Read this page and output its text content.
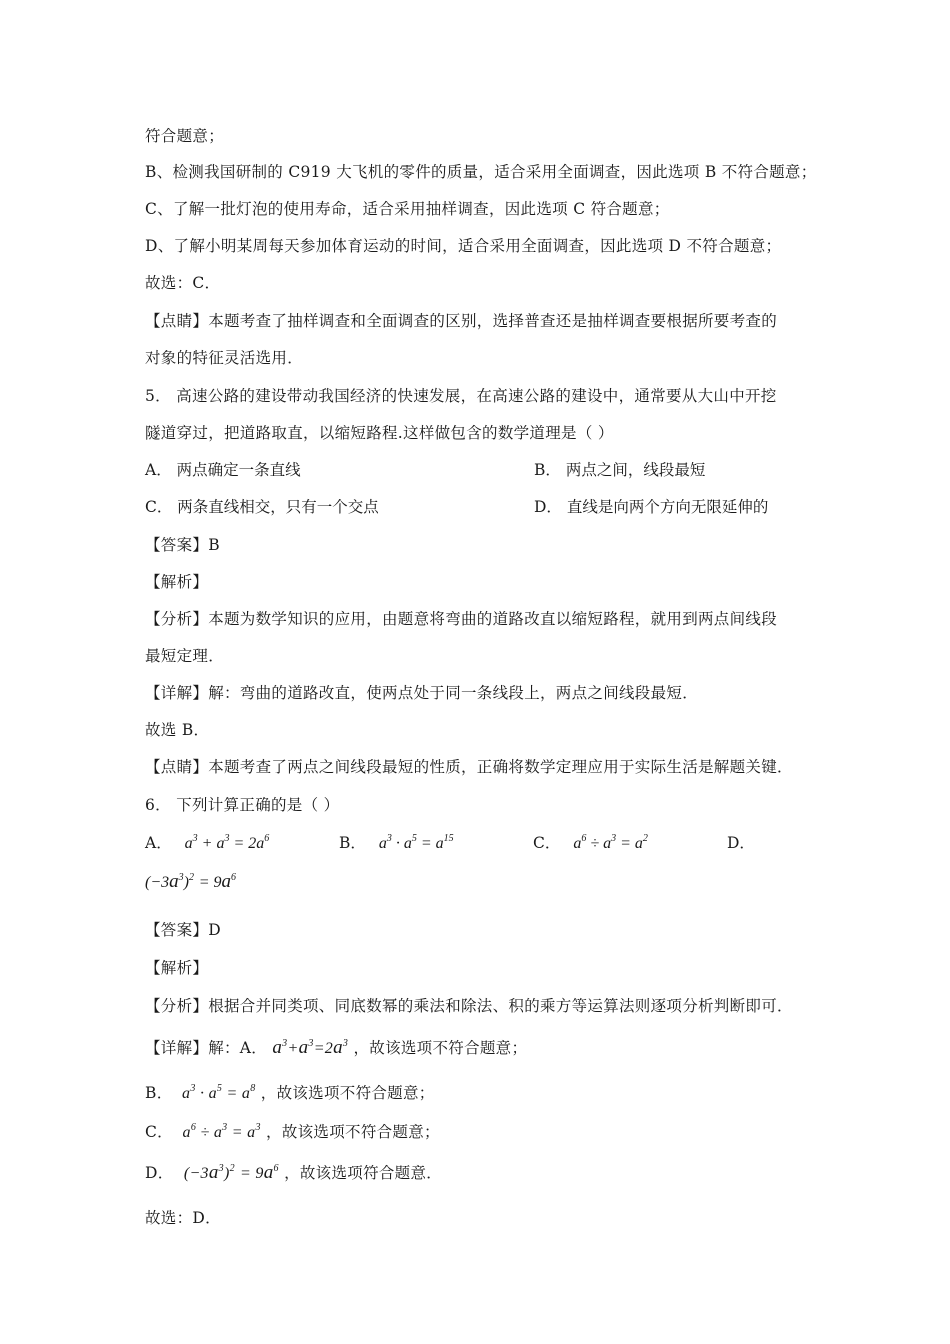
符合题意；
B、检测我国研制的 C919 大飞机的零件的质量，适合采用全面调查，因此选项 B 不符合题意；
C、了解一批灯泡的使用寿命，适合采用抽样调查，因此选项 C 符合题意；
D、了解小明某周每天参加体育运动的时间，适合采用全面调查，因此选项 D 不符合题意；
故选：C．
【点睛】本题考查了抽样调查和全面调查的区别，选择普查还是抽样调查要根据所要考查的
对象的特征灵活选用．
5． 高速公路的建设带动我国经济的快速发展，在高速公路的建设中，通常要从大山中开挖
隧道穿过，把道路取直，以缩短路程.这样做包含的数学道理是（ ）
A． 两点确定一条直线	B． 两点之间，线段最短
C． 两条直线相交，只有一个交点	D． 直线是向两个方向无限延伸的
【答案】B
【解析】
【分析】本题为数学知识的应用，由题意将弯曲的道路改直以缩短路程，就用到两点间线段
最短定理．
【详解】解：弯曲的道路改直，使两点处于同一条线段上，两点之间线段最短．
故选 B．
【点睛】本题考查了两点之间线段最短的性质，正确将数学定理应用于实际生活是解题关键．
6． 下列计算正确的是（ ）
A．   $a^3 + a^3 = 2a^6$	B．   $a^3 \cdot a^5 = a^{15}$	C．   $a^6 \div a^3 = a^2$	D．
$(-3a^3)^2 = 9a^6$
【答案】D
【解析】
【分析】根据合并同类项、同底数幂的乘法和除法、积的乘方等运算法则逐项分析判断即可．
【详解】解：A． $a^3+a^3=2a^3$ ，故该选项不符合题意；
B．  $a^3 \cdot a^5 = a^8$ ，故该选项不符合题意；
C．  $a^6 \div a^3 = a^3$ ，故该选项不符合题意；
D． $(-3a^3)^2 = 9a^6$ ，故该选项符合题意．
故选：D．
